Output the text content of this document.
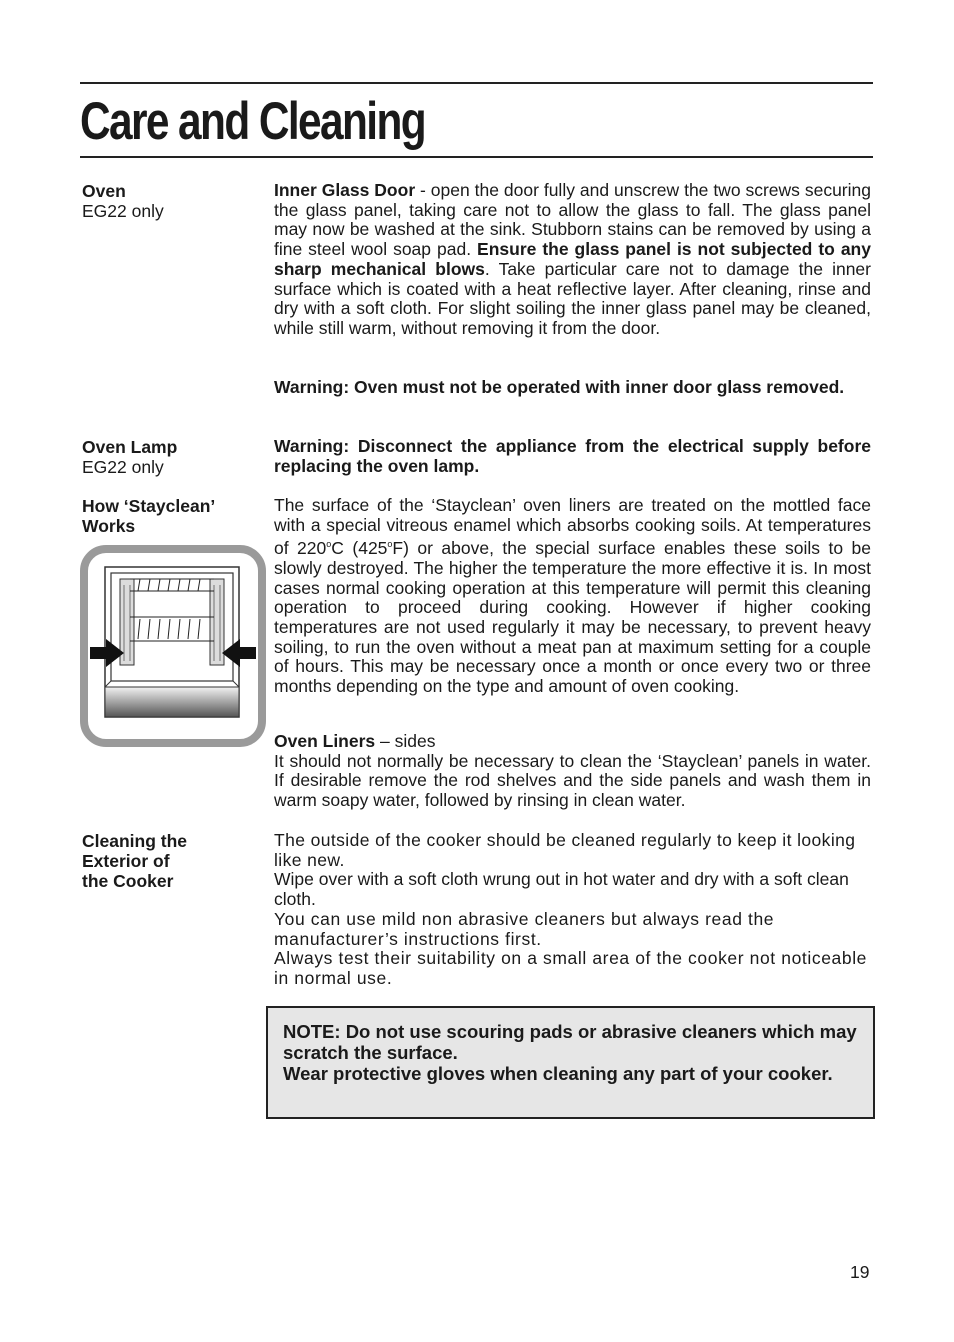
Care and Cleaning
Oven
EG22 only

Inner Glass Door - open the door fully and unscrew the two screws securing the glass panel, taking care not to allow the glass to fall. The glass panel may now be washed at the sink. Stubborn stains can be removed by using a fine steel wool soap pad. Ensure the glass panel is not subjected to any sharp mechanical blows. Take particular care not to damage the inner surface which is coated with a heat reflective layer. After cleaning, rinse and dry with a soft cloth. For slight soiling the inner glass panel may be cleaned, while still warm, without removing it from the door.

Warning: Oven must not be operated with inner door glass removed.

Oven Lamp
EG22 only

Warning: Disconnect the appliance from the electrical supply before replacing the oven lamp.

How ‘Stayclean’
Works

The surface of the ‘Stayclean’ oven liners are treated on the mottled face with a special vitreous enamel which absorbs cooking soils. At temperatures of 220$^o$C (425$^o$F) or above, the special surface enables these soils to be slowly destroyed. The higher the temperature the more effective it is. In most cases normal cooking operation at this temperature will permit this cleaning operation to proceed during cooking. However if higher cooking temperatures are not used regularly it may be necessary, to prevent heavy soiling, to run the oven without a meat pan at maximum setting for a couple of hours. This may be necessary once a month or once every two or three months depending on the type and amount of oven cooking.

Oven Liners – sides

It should not normally be necessary to clean the ‘Stayclean’ panels in water. If desirable remove the rod shelves and the side panels and wash them in warm soapy water, followed by rinsing in clean water.

Cleaning the
Exterior of
the Cooker

The outside of the cooker should be cleaned regularly to keep it looking like new.

Wipe over with a soft cloth wrung out in hot water and dry with a soft clean cloth.

You can use mild non abrasive cleaners but always read the manufacturer’s instructions first.

Always test their suitability on a small area of the cooker not noticeable in normal use.

NOTE: Do not use scouring pads or abrasive cleaners which may scratch the surface.

Wear protective gloves when cleaning any part of your cooker.

19
